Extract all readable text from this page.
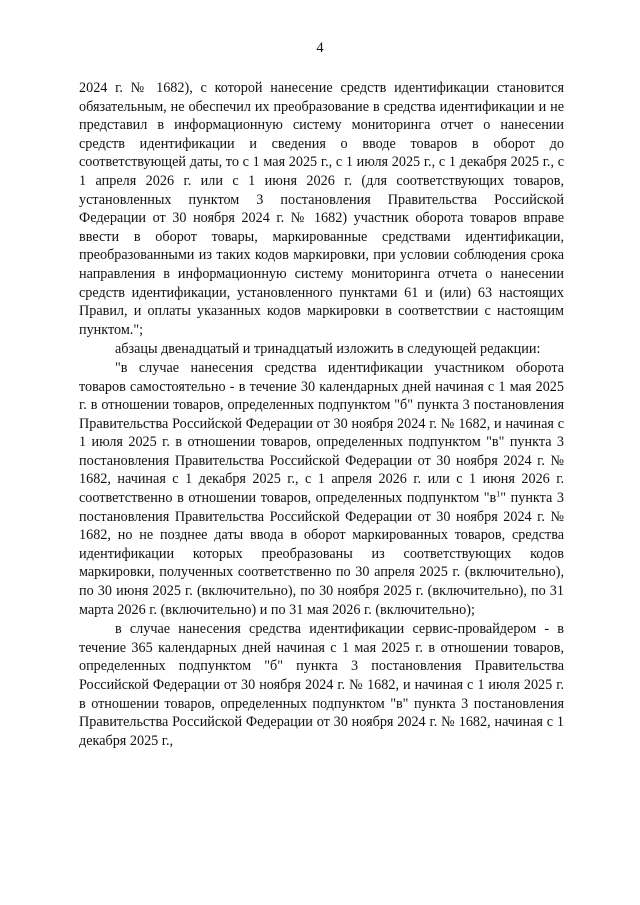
4

2024 г. № 1682), с которой нанесение средств идентификации становится обязательным, не обеспечил их преобразование в средства идентификации и не представил в информационную систему мониторинга отчет о нанесении средств идентификации и сведения о вводе товаров в оборот до соответствующей даты, то с 1 мая 2025 г., с 1 июля 2025 г., с 1 декабря 2025 г., с 1 апреля 2026 г. или с 1 июня 2026 г. (для соответствующих товаров, установленных пунктом 3 постановления Правительства Российской Федерации от 30 ноября 2024 г. № 1682) участник оборота товаров вправе ввести в оборот товары, маркированные средствами идентификации, преобразованными из таких кодов маркировки, при условии соблюдения срока направления в информационную систему мониторинга отчета о нанесении средств идентификации, установленного пунктами 61 и (или) 63 настоящих Правил, и оплаты указанных кодов маркировки в соответствии с настоящим пунктом.";

абзацы двенадцатый и тринадцатый изложить в следующей редакции:

"в случае нанесения средства идентификации участником оборота товаров самостоятельно - в течение 30 календарных дней начиная с 1 мая 2025 г. в отношении товаров, определенных подпунктом "б" пункта 3 постановления Правительства Российской Федерации от 30 ноября 2024 г. № 1682, и начиная с 1 июля 2025 г. в отношении товаров, определенных подпунктом "в" пункта 3 постановления Правительства Российской Федерации от 30 ноября 2024 г. № 1682, начиная с 1 декабря 2025 г., с 1 апреля 2026 г. или с 1 июня 2026 г. соответственно в отношении товаров, определенных подпунктом "$в^1$" пункта 3 постановления Правительства Российской Федерации от 30 ноября 2024 г. № 1682, но не позднее даты ввода в оборот маркированных товаров, средства идентификации которых преобразованы из соответствующих кодов маркировки, полученных соответственно по 30 апреля 2025 г. (включительно), по 30 июня 2025 г. (включительно), по 30 ноября 2025 г. (включительно), по 31 марта 2026 г. (включительно) и по 31 мая 2026 г. (включительно);

в случае нанесения средства идентификации сервис-провайдером - в течение 365 календарных дней начиная с 1 мая 2025 г. в отношении товаров, определенных подпунктом "б" пункта 3 постановления Правительства Российской Федерации от 30 ноября 2024 г. № 1682, и начиная с 1 июля 2025 г. в отношении товаров, определенных подпунктом "в" пункта 3 постановления Правительства Российской Федерации от 30 ноября 2024 г. № 1682, начиная с 1 декабря 2025 г.,
